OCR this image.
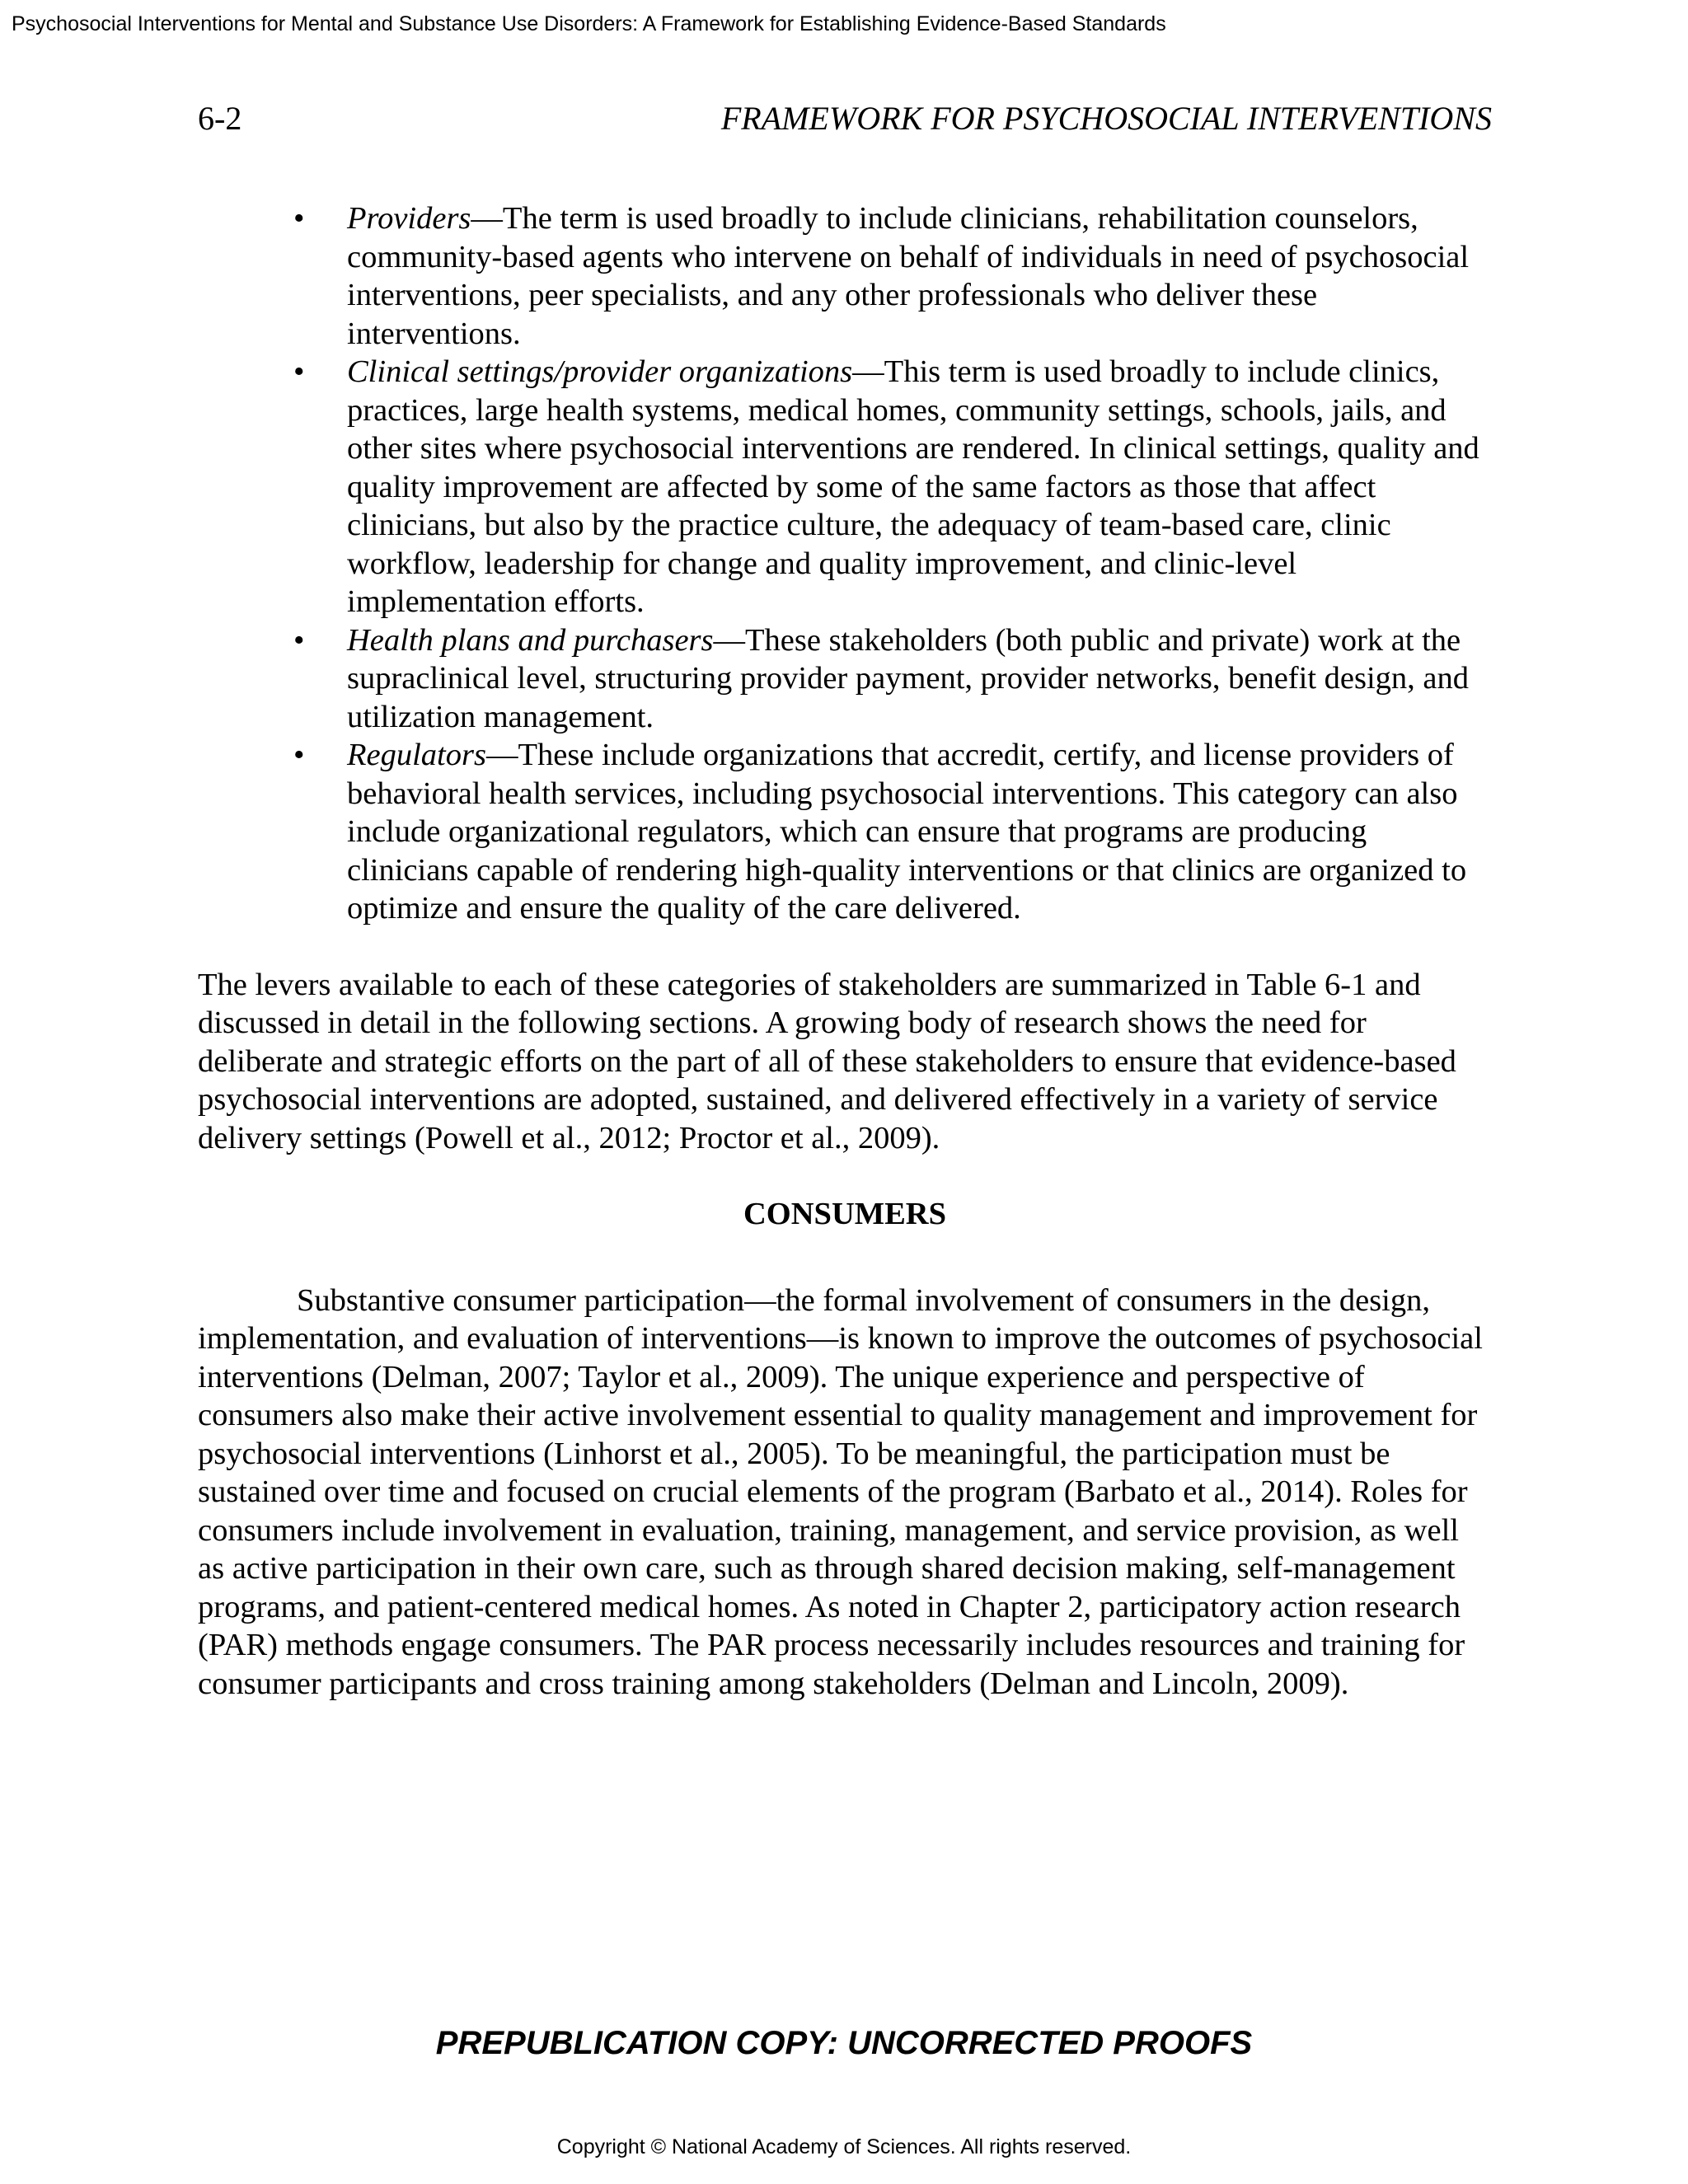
Psychosocial Interventions for Mental and Substance Use Disorders: A Framework for Establishing Evidence-Based Standards
6-2	FRAMEWORK FOR PSYCHOSOCIAL INTERVENTIONS
• Providers—The term is used broadly to include clinicians, rehabilitation counselors, community-based agents who intervene on behalf of individuals in need of psychosocial interventions, peer specialists, and any other professionals who deliver these interventions.
• Clinical settings/provider organizations—This term is used broadly to include clinics, practices, large health systems, medical homes, community settings, schools, jails, and other sites where psychosocial interventions are rendered. In clinical settings, quality and quality improvement are affected by some of the same factors as those that affect clinicians, but also by the practice culture, the adequacy of team-based care, clinic workflow, leadership for change and quality improvement, and clinic-level implementation efforts.
• Health plans and purchasers—These stakeholders (both public and private) work at the supraclinical level, structuring provider payment, provider networks, benefit design, and utilization management.
• Regulators—These include organizations that accredit, certify, and license providers of behavioral health services, including psychosocial interventions. This category can also include organizational regulators, which can ensure that programs are producing clinicians capable of rendering high-quality interventions or that clinics are organized to optimize and ensure the quality of the care delivered.

The levers available to each of these categories of stakeholders are summarized in Table 6-1 and discussed in detail in the following sections. A growing body of research shows the need for deliberate and strategic efforts on the part of all of these stakeholders to ensure that evidence-based psychosocial interventions are adopted, sustained, and delivered effectively in a variety of service delivery settings (Powell et al., 2012; Proctor et al., 2009).

CONSUMERS

Substantive consumer participation—the formal involvement of consumers in the design, implementation, and evaluation of interventions—is known to improve the outcomes of psychosocial interventions (Delman, 2007; Taylor et al., 2009). The unique experience and perspective of consumers also make their active involvement essential to quality management and improvement for psychosocial interventions (Linhorst et al., 2005). To be meaningful, the participation must be sustained over time and focused on crucial elements of the program (Barbato et al., 2014). Roles for consumers include involvement in evaluation, training, management, and service provision, as well as active participation in their own care, such as through shared decision making, self-management programs, and patient-centered medical homes. As noted in Chapter 2, participatory action research (PAR) methods engage consumers. The PAR process necessarily includes resources and training for consumer participants and cross training among stakeholders (Delman and Lincoln, 2009).

PREPUBLICATION COPY: UNCORRECTED PROOFS
Copyright © National Academy of Sciences. All rights reserved.
